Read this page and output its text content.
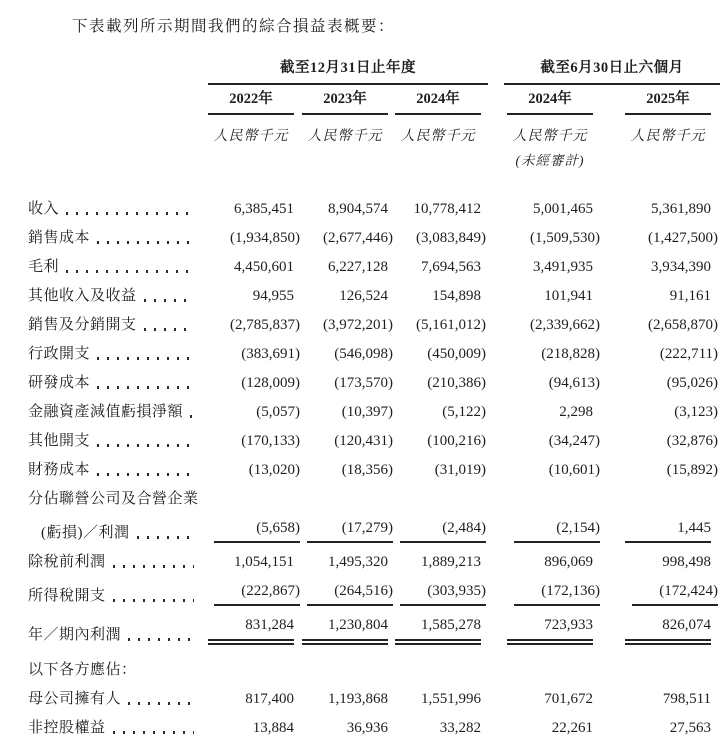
下表載列所示期間我們的綜合損益表概要：

	截至12月31日止年度				截至6月30日止六個月	
	2022年	2023年	2024年		2024年	2025年
	人民幣千元	人民幣千元	人民幣千元		人民幣千元	人民幣千元
					(未經審計)	

收入	6,385,451	8,904,574	10,778,412		5,001,465	5,361,890

銷售成本	(1,934,850)	(2,677,446)	(3,083,849)		(1,509,530)	(1,427,500)

毛利	4,450,601	6,227,128	7,694,563		3,491,935	3,934,390

其他收入及收益	94,955	126,524	154,898		101,941	91,161

銷售及分銷開支	(2,785,837)	(3,972,201)	(5,161,012)		(2,339,662)	(2,658,870)

行政開支	(383,691)	(546,098)	(450,009)		(218,828)	(222,711)

研發成本	(128,009)	(173,570)	(210,386)		(94,613)	(95,026)

金融資產減值虧損淨額	(5,057)	(10,397)	(5,122)		2,298	(3,123)

其他開支	(170,133)	(120,431)	(100,216)		(34,247)	(32,876)

財務成本	(13,020)	(18,356)	(31,019)		(10,601)	(15,892)

分佔聯營公司及合營企業						

(虧損)／利潤	(5,658)	(17,279)	(2,484)		(2,154)	1,445

除稅前利潤	1,054,151	1,495,320	1,889,213		896,069	998,498

所得稅開支	(222,867)	(264,516)	(303,935)		(172,136)	(172,424)

年／期內利潤	831,284	1,230,804	1,585,278		723,933	826,074

以下各方應佔：						

母公司擁有人	817,400	1,193,868	1,551,996		701,672	798,511

非控股權益	13,884	36,936	33,282		22,261	27,563
